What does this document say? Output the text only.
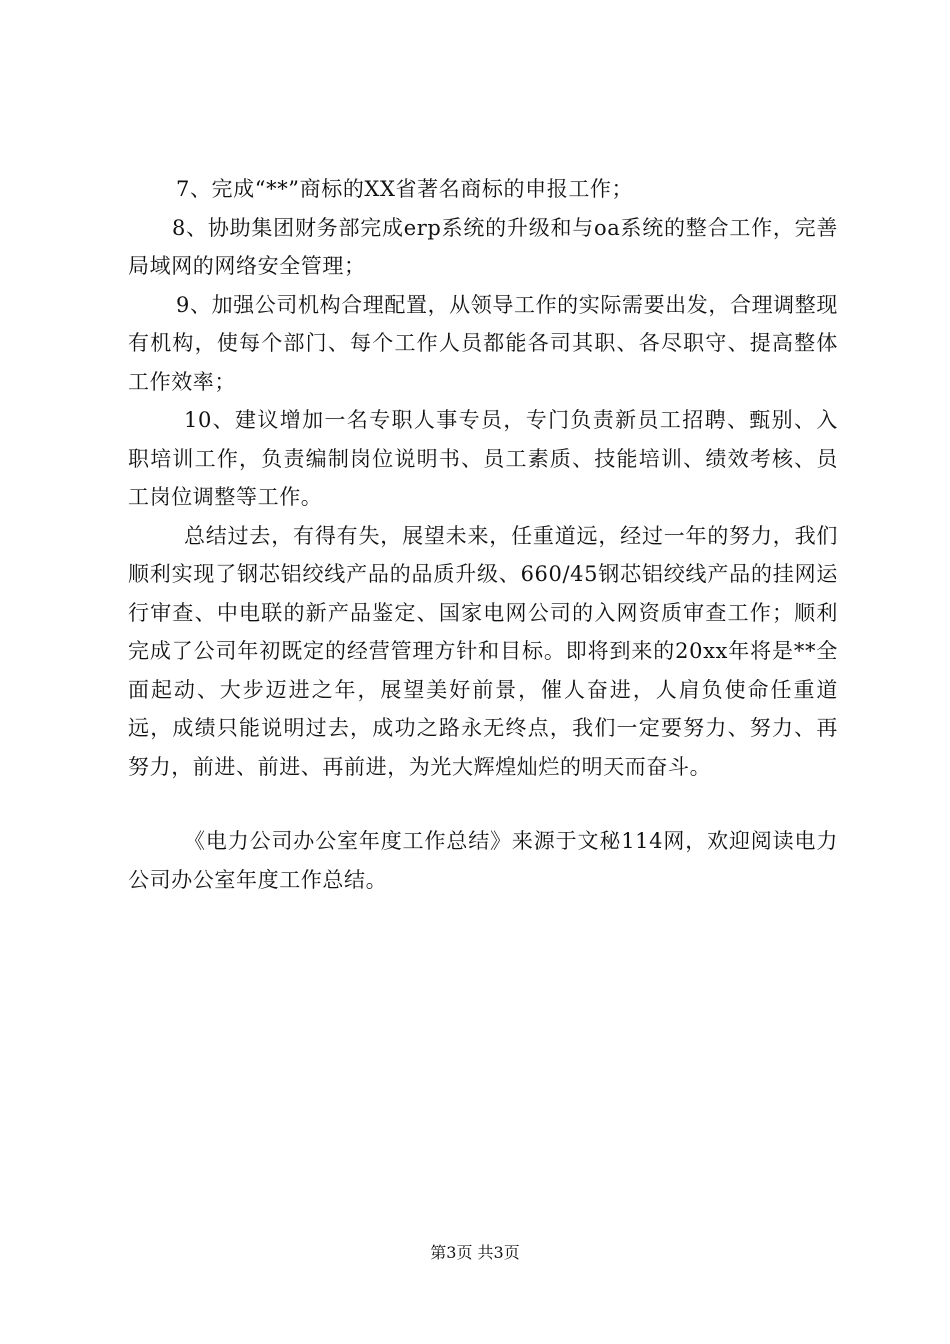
7、完成“**”商标的XX省著名商标的申报工作；

8、协助集团财务部完成erp系统的升级和与oa系统的整合工作，完善局域网的网络安全管理；

9、加强公司机构合理配置，从领导工作的实际需要出发，合理调整现有机构，使每个部门、每个工作人员都能各司其职、各尽职守、提高整体工作效率；

10、建议增加一名专职人事专员，专门负责新员工招聘、甄别、入职培训工作，负责编制岗位说明书、员工素质、技能培训、绩效考核、员工岗位调整等工作。

总结过去，有得有失，展望未来，任重道远，经过一年的努力，我们顺利实现了钢芯铝绞线产品的品质升级、660/45钢芯铝绞线产品的挂网运行审查、中电联的新产品鉴定、国家电网公司的入网资质审查工作；顺利完成了公司年初既定的经营管理方针和目标。即将到来的20xx年将是**全面起动、大步迈进之年，展望美好前景，催人奋进，人肩负使命任重道远，成绩只能说明过去，成功之路永无终点，我们一定要努力、努力、再努力，前进、前进、再前进，为光大辉煌灿烂的明天而奋斗。

《电力公司办公室年度工作总结》来源于文秘114网，欢迎阅读电力公司办公室年度工作总结。

第3页 共3页
